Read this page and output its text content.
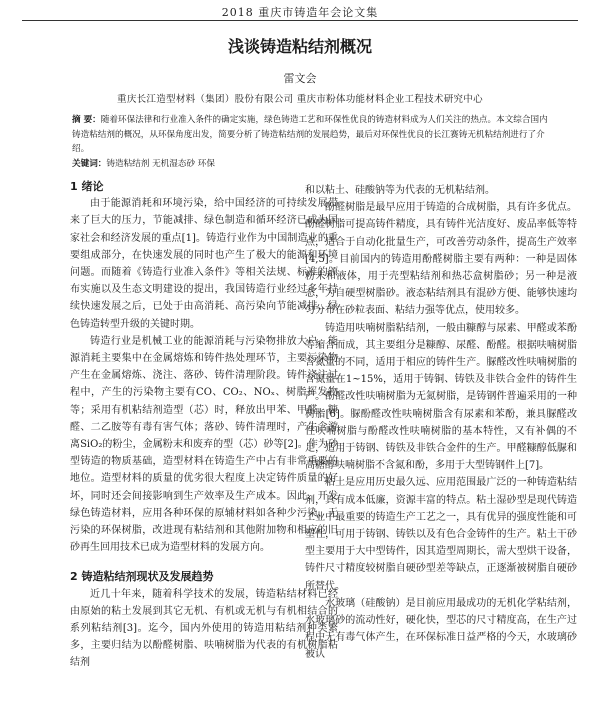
2018 重庆市铸造年会论文集
浅谈铸造粘结剂概况
雷文会
重庆长江造型材料（集团）股份有限公司 重庆市粉体功能材料企业工程技术研究中心
摘 要：随着环保法律和行业准入条件的确定实施，绿色铸造工艺和环保性优良的铸造材料成为人们关注的热点。本文综合国内铸造粘结剂的概况，从环保角度出发，简要分析了铸造粘结剂的发展趋势，最后对环保性优良的长江赛铸无机粘结剂进行了介绍。
关键词：铸造粘结剂 无机湿态砂 环保

1 绪论

由于能源消耗和环境污染，给中国经济的可持续发展带来了巨大的压力，节能减排、绿色制造和循环经济已成为国家社会和经济发展的重点[1]。铸造行业作为中国制造业的重要组成部分，在快速发展的同时也产生了极大的能源和环境问题。而随着《铸造行业准入条件》等相关法规、标准的颁布实施以及生态文明建设的提出，我国铸造行业经过多年持续快速发展之后，已处于由高消耗、高污染向节能减排、绿色铸造转型升级的关键时期。

铸造行业是机械工业的能源消耗与污染物排放大户，能源消耗主要集中在金属熔炼和铸件热处理环节，主要污染物产生在金属熔炼、浇注、落砂、铸件清理阶段。铸件浇注过程中，产生的污染物主要有CO、CO₂、NOₓ、树脂挥发物等；采用有机粘结剂造型（芯）时，释放出甲苯、甲醛、糠醛、二乙胺等有毒有害气体；落砂、铸件清理时，产生含游离SiO₂的粉尘，金属粉末和废弃的型（芯）砂等[2]。作为砂型铸造的物质基础，造型材料在铸造生产中占有非常重要的地位。造型材料的质量的优劣很大程度上决定铸件质量的好坏，同时还会间接影响到生产效率及生产成本。因此，开发绿色铸造材料，应用各种环保的原辅材料如各种少污染、无污染的环保树脂，改进现有粘结剂和其他附加物和相应的旧砂再生回用技术已成为造型材料的发展方向。

2 铸造粘结剂现状及发展趋势

近几十年来，随着科学技术的发展，铸造粘结材料已经由原始的粘土发展到其它无机、有机或无机与有机相结合的系列粘结剂[3]。迄今，国内外使用的铸造用粘结剂种类繁多，主要归结为以酚醛树脂、呋喃树脂为代表的有机树脂粘结剂

和以粘土、硅酸钠等为代表的无机粘结剂。

酚醛树脂是最早应用于铸造的合成树脂，具有许多优点。酚醛树脂可提高铸件精度，具有铸件光洁度好、废品率低等特点，适合于自动化批量生产，可改善劳动条件，提高生产效率[4,5]。目前国内的铸造用酚醛树脂主要有两种：一种是固体粉末和液体，用于壳型粘结剂和热芯盒树脂砂；另一种是液态，为自硬型树脂砂。液态粘结剂具有混砂方便、能够快速均匀分布在砂粒表面、粘结力强等优点，使用较多。

铸造用呋喃树脂粘结剂，一般由糠醇与尿素、甲醛或苯酚等缩合而成，其主要组分是糠醇、尿醛、酚醛。根据呋喃树脂含氮量的不同，适用于相应的铸件生产。脲醛改性呋喃树脂的含氮量在1~15%，适用于铸铜、铸铁及非铁合金件的铸件生产。酚醛改性呋喃树脂为无氮树脂，是铸钢件普遍采用的一种树脂[6]。脲酚醛改性呋喃树脂含有尿素和苯酚，兼具脲醛改性呋喃树脂与酚醛改性呋喃树脂的基本特性，又有补偶的不足，适用于铸钢、铸铁及非铁合金件的生产。甲醛糠醇低脲和高糖醇呋喃树脂不含氮和酚，多用于大型铸钢件上[7]。

粘土是应用历史最久远、应用范围最广泛的一种铸造粘结剂，具有成本低廉，资源丰富的特点。粘土湿砂型是现代铸造工业中最重要的铸造生产工艺之一，具有优异的强度性能和可塑性，可用于铸钢、铸铁以及有色合金铸件的生产。粘土干砂型主要用于大中型铸件，因其造型周期长，需大型烘干设备，铸件尺寸精度较树脂自硬砂型差等缺点，正逐渐被树脂自硬砂所替代。

水玻璃（硅酸钠）是目前应用最成功的无机化学粘结剂，水玻璃砂的流动性好，硬化快，型芯的尺寸精度高，在生产过程中无有毒气体产生，在环保标准日益严格的今天，水玻璃砂被认
